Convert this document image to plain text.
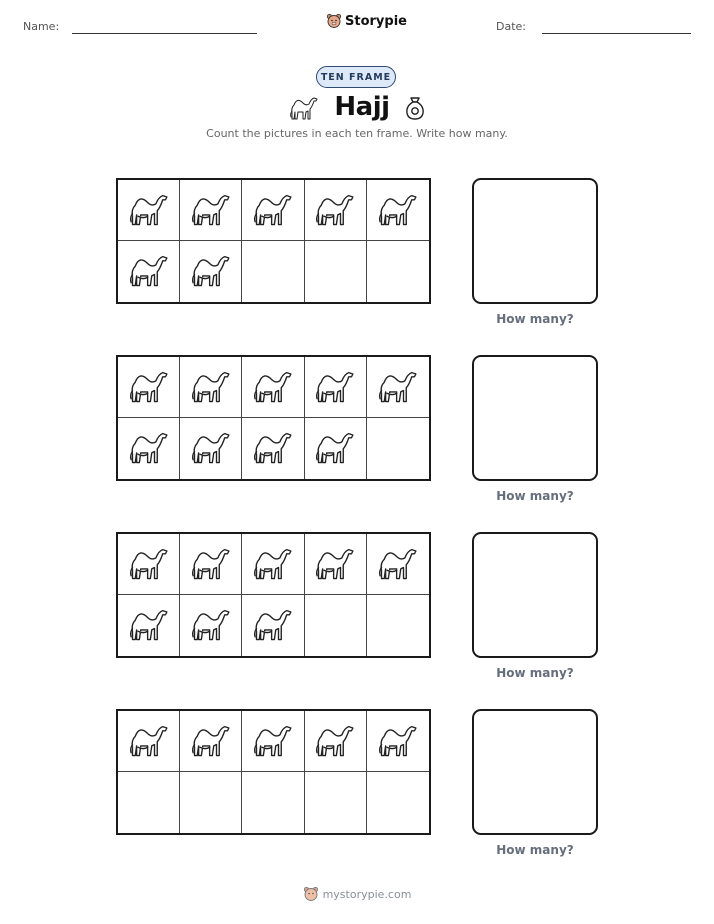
Name:	Storypie	Date:
TEN FRAME
Hajj
Count the pictures in each ten frame. Write how many.
How many?
How many?
How many?
How many?
mystorypie.com
